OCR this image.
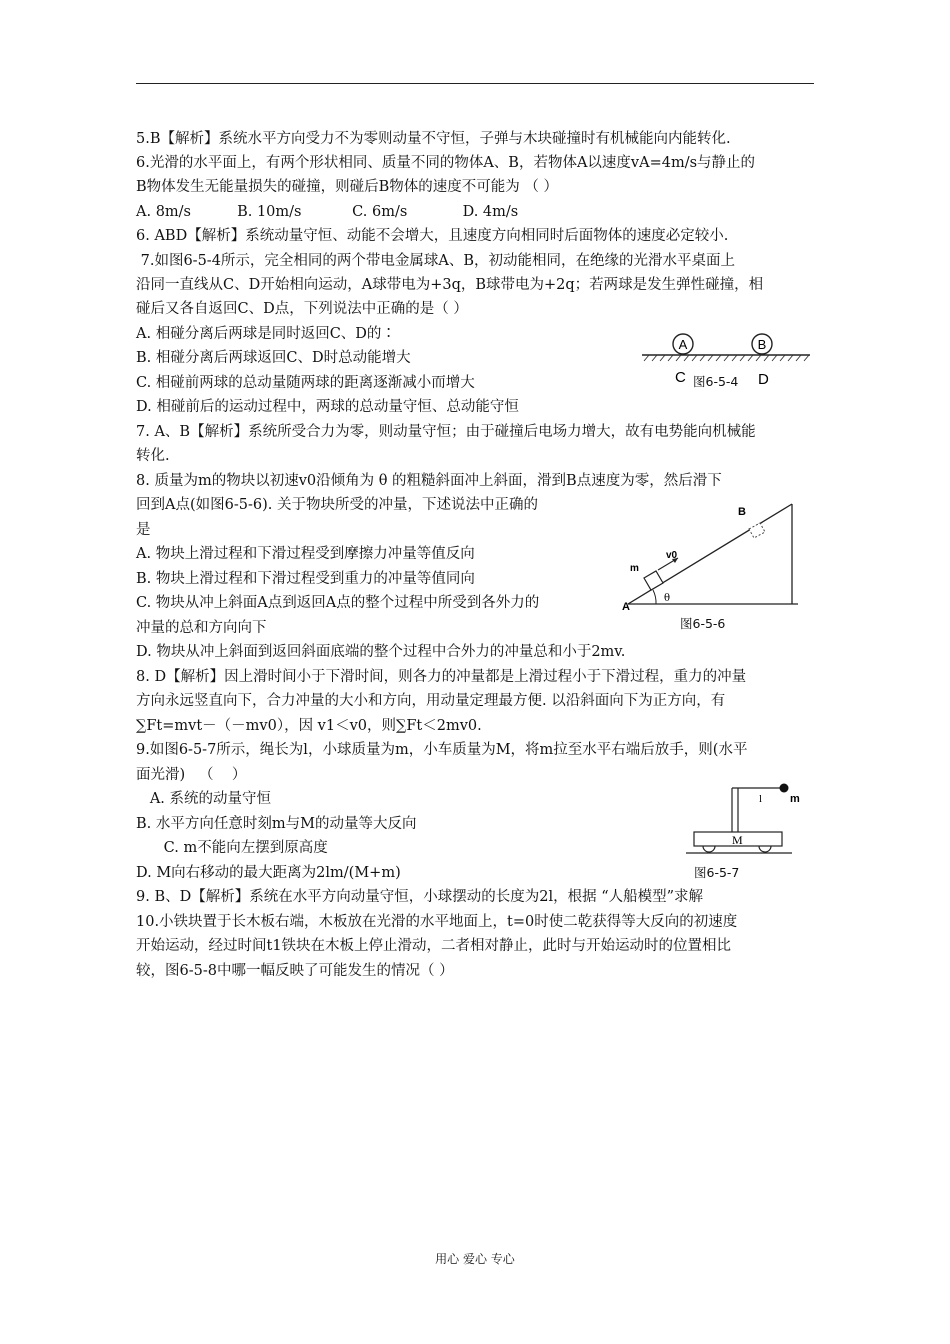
5.B【解析】系统水平方向受力不为零则动量不守恒，子弹与木块碰撞时有机械能向内能转化.
6.光滑的水平面上，有两个形状相同、质量不同的物体A、B，若物体A以速度vA=4m/s与静止的
B物体发生无能量损失的碰撞，则碰后B物体的速度不可能为 （ ）
A. 8m/s          B. 10m/s           C. 6m/s            D. 4m/s
6. ABD【解析】系统动量守恒、动能不会增大，且速度方向相同时后面物体的速度必定较小.
7.如图6-5-4所示，完全相同的两个带电金属球A、B，初动能相同，在绝缘的光滑水平桌面上
沿同一直线从C、D开始相向运动，A球带电为+3q，B球带电为+2q；若两球是发生弹性碰撞，相
碰后又各自返回C、D点，下列说法中正确的是（ ）
A. 相碰分离后两球是同时返回C、D的∶
B. 相碰分离后两球返回C、D时总动能增大
C. 相碰前两球的总动量随两球的距离逐渐减小而增大
D. 相碰前后的运动过程中，两球的总动量守恒、总动能守恒
7. A、B【解析】系统所受合力为零，则动量守恒；由于碰撞后电场力增大，故有电势能向机械能
转化.
8. 质量为m的物块以初速v0沿倾角为 θ 的粗糙斜面冲上斜面，滑到B点速度为零，然后滑下
回到A点(如图6-5-6). 关于物块所受的冲量，下述说法中正确的
是
A. 物块上滑过程和下滑过程受到摩擦力冲量等值反向
B. 物块上滑过程和下滑过程受到重力的冲量等值同向
C. 物块从冲上斜面A点到返回A点的整个过程中所受到各外力的
冲量的总和方向向下
D. 物块从冲上斜面到返回斜面底端的整个过程中合外力的冲量总和小于2mv.
8. D【解析】因上滑时间小于下滑时间，则各力的冲量都是上滑过程小于下滑过程，重力的冲量
方向永远竖直向下，合力冲量的大小和方向，用动量定理最方便. 以沿斜面向下为正方向，有
∑Ft=mvt－（－mv0），因 v1＜v0，则∑Ft＜2mv0.
9.如图6-5-7所示，绳长为l，小球质量为m，小车质量为M，将m拉至水平右端后放手，则(水平
面光滑)   （    ）
A. 系统的动量守恒
B. 水平方向任意时刻m与M的动量等大反向
C. m不能向左摆到原高度
D. M向右移动的最大距离为2lm/(M+m)
9. B、D【解析】系统在水平方向动量守恒，小球摆动的长度为2l，根据 “人船模型”求解
10.小铁块置于长木板右端，木板放在光滑的水平地面上，t=0时使二乾获得等大反向的初速度
开始运动，经过时间t1铁块在木板上停止滑动，二者相对静止，此时与开始运动时的位置相比
较，图6-5-8中哪一幅反映了可能发生的情况（ ）
A	B
C	D
图6-5-4
B
m
v0
A
θ
图6-5-6
l	m
M
图6-5-7
用心 爱心 专心
